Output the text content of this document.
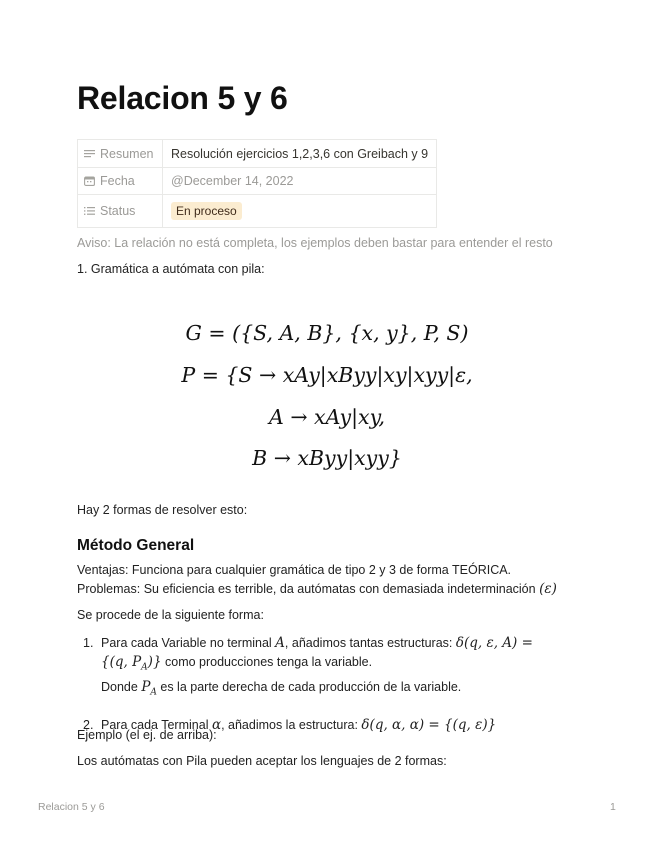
Relacion 5 y 6
Resumen	Resolución ejercicios 1,2,3,6 con Greibach y 9
Fecha	@December 14, 2022
Status	En proceso
Aviso: La relación no está completa, los ejemplos deben bastar para entender el resto
1. Gramática a autómata con pila:
G = ({S, A, B}, {x, y}, P, S)
P = {S → xAy|xByy|xy|xyy|ε,
A → xAy|xy,
B → xByy|xyy}
Hay 2 formas de resolver esto:
Método General
Ventajas: Funciona para cualquier gramática de tipo 2 y 3 de forma TEÓRICA.
Problemas: Su eficiencia es terrible, da autómatas con demasiada indeterminación (ε)
Se procede de la siguiente forma:
1. Para cada Variable no terminal A, añadimos tantas estructuras: δ(q, ε, A) = {(q, $P_A$)} como producciones tenga la variable.
Donde $P_A$ es la parte derecha de cada producción de la variable.
2. Para cada Terminal α, añadimos la estructura: δ(q, α, α) = {(q, ε)}
Ejemplo (el ej. de arriba):
Los autómatas con Pila pueden aceptar los lenguajes de 2 formas:
Relacion 5 y 6	1
